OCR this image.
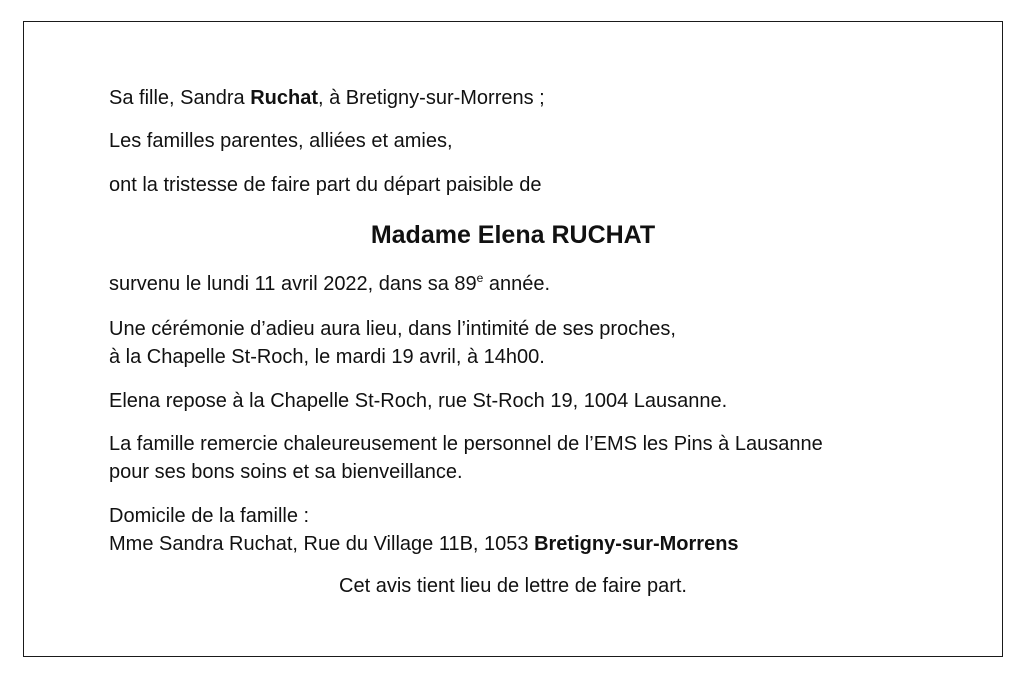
Sa fille, Sandra Ruchat, à Bretigny-sur-Morrens ;

Les familles parentes, alliées et amies,

ont la tristesse de faire part du départ paisible de

Madame Elena RUCHAT

survenu le lundi 11 avril 2022, dans sa 89e année.

Une cérémonie d’adieu aura lieu, dans l’intimité de ses proches,

à la Chapelle St-Roch, le mardi 19 avril, à 14h00.

Elena repose à la Chapelle St-Roch, rue St-Roch 19, 1004 Lausanne.

La famille remercie chaleureusement le personnel de l’EMS les Pins à Lausanne

pour ses bons soins et sa bienveillance.

Domicile de la famille :

Mme Sandra Ruchat, Rue du Village 11B, 1053 Bretigny-sur-Morrens

Cet avis tient lieu de lettre de faire part.
